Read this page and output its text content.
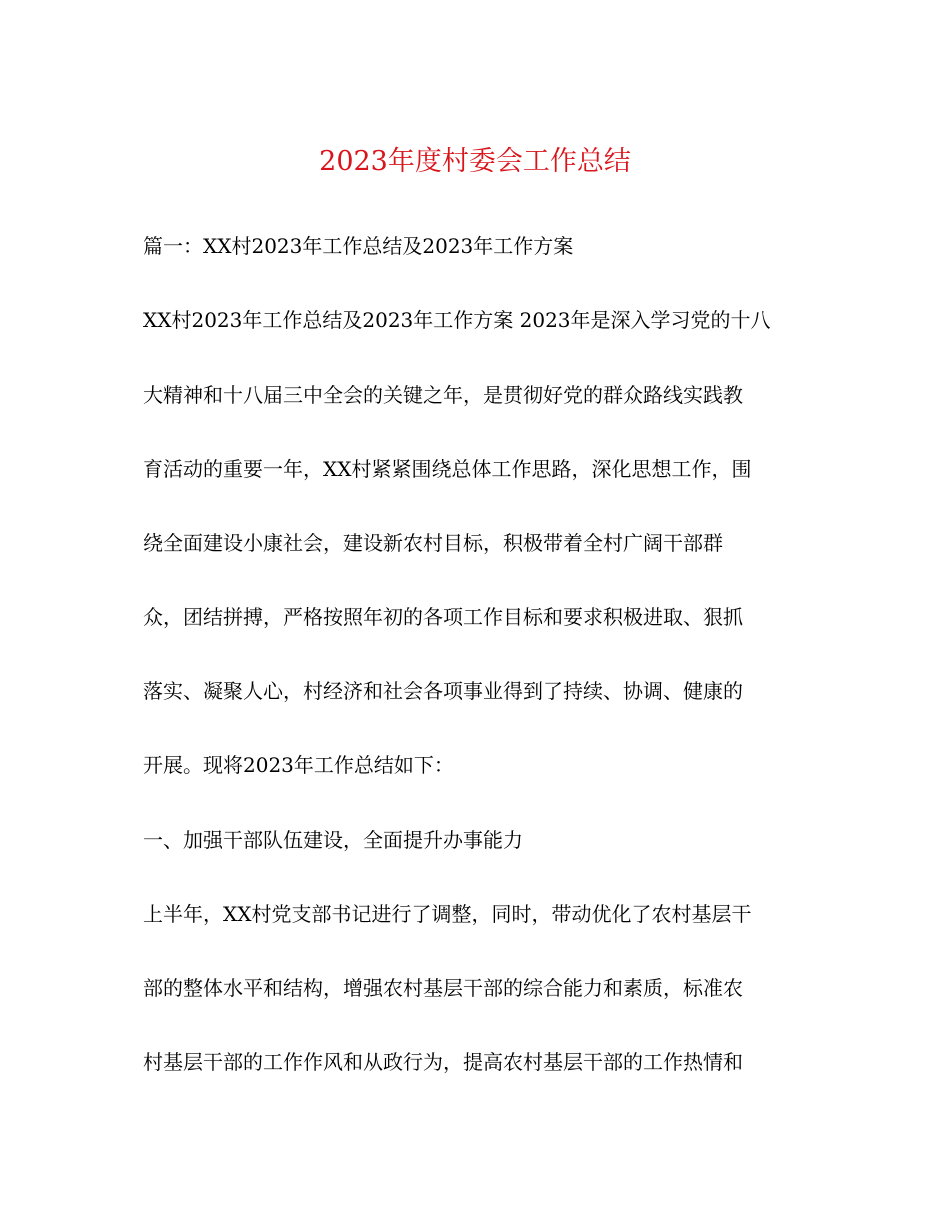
2023年度村委会工作总结

篇一：XX村2023年工作总结及2023年工作方案

XX村2023年工作总结及2023年工作方案 2023年是深入学习党的十八

大精神和十八届三中全会的关键之年，是贯彻好党的群众路线实践教

育活动的重要一年，XX村紧紧围绕总体工作思路，深化思想工作，围

绕全面建设小康社会，建设新农村目标，积极带着全村广阔干部群

众，团结拼搏，严格按照年初的各项工作目标和要求积极进取、狠抓

落实、凝聚人心，村经济和社会各项事业得到了持续、协调、健康的

开展。现将2023年工作总结如下：

一、加强干部队伍建设，全面提升办事能力

上半年，XX村党支部书记进行了调整，同时，带动优化了农村基层干

部的整体水平和结构，增强农村基层干部的综合能力和素质，标准农

村基层干部的工作作风和从政行为，提高农村基层干部的工作热情和
